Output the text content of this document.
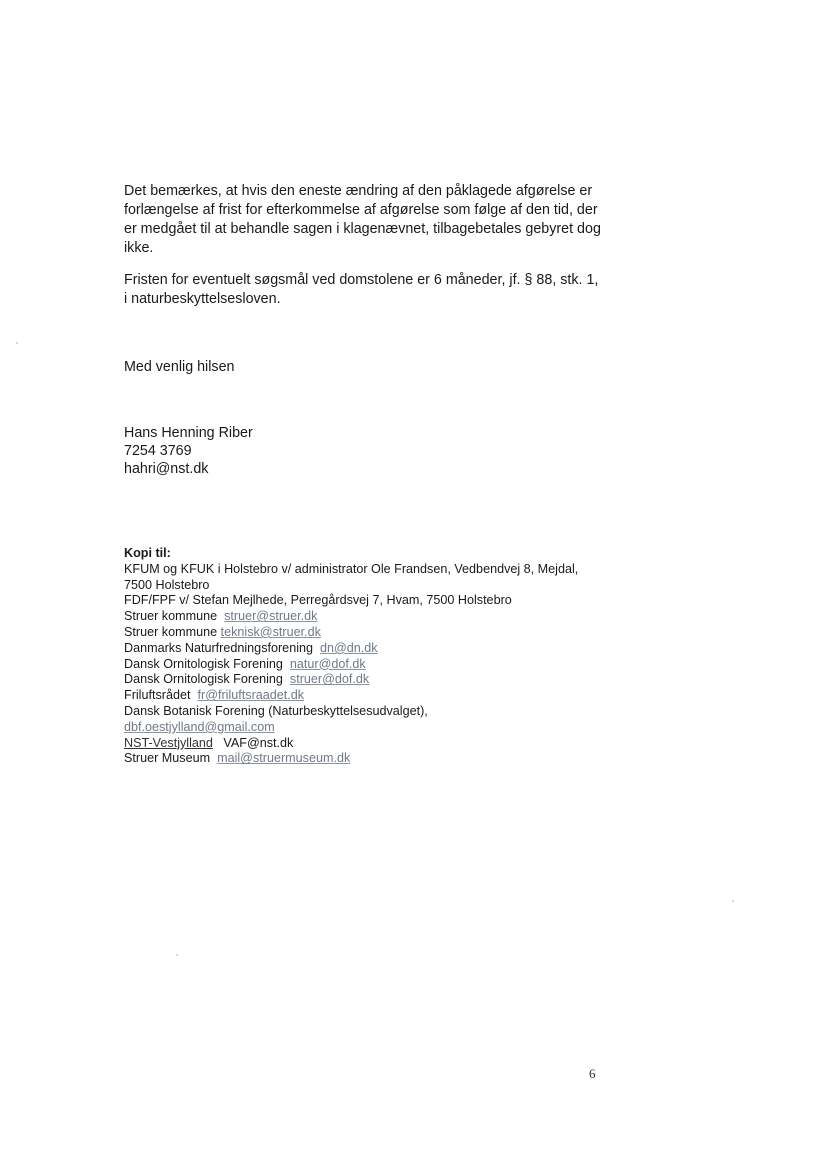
Det bemærkes, at hvis den eneste ændring af den påklagede afgørelse er forlængelse af frist for efterkommelse af afgørelse som følge af den tid, der er medgået til at behandle sagen i klagenævnet, tilbagebetales gebyret dog ikke.

Fristen for eventuelt søgsmål ved domstolene er 6 måneder, jf. § 88, stk. 1, i naturbeskyttelsesloven.

Med venlig hilsen
Hans Henning Riber
7254 3769
hahri@nst.dk
Kopi til:
KFUM og KFUK i Holstebro v/ administrator Ole Frandsen, Vedbendvej 8, Mejdal, 7500 Holstebro
FDF/FPF v/ Stefan Mejlhede, Perregårdsvej 7, Hvam, 7500 Holstebro
Struer kommune struer@struer.dk
Struer kommune teknisk@struer.dk
Danmarks Naturfredningsforening dn@dn.dk
Dansk Ornitologisk Forening natur@dof.dk
Dansk Ornitologisk Forening struer@dof.dk
Friluftsrådet fr@friluftsraadet.dk
Dansk Botanisk Forening (Naturbeskyttelsesudvalget),
dbf.oestjylland@gmail.com
NST-Vestjylland VAF@nst.dk
Struer Museum mail@struermuseum.dk
6
